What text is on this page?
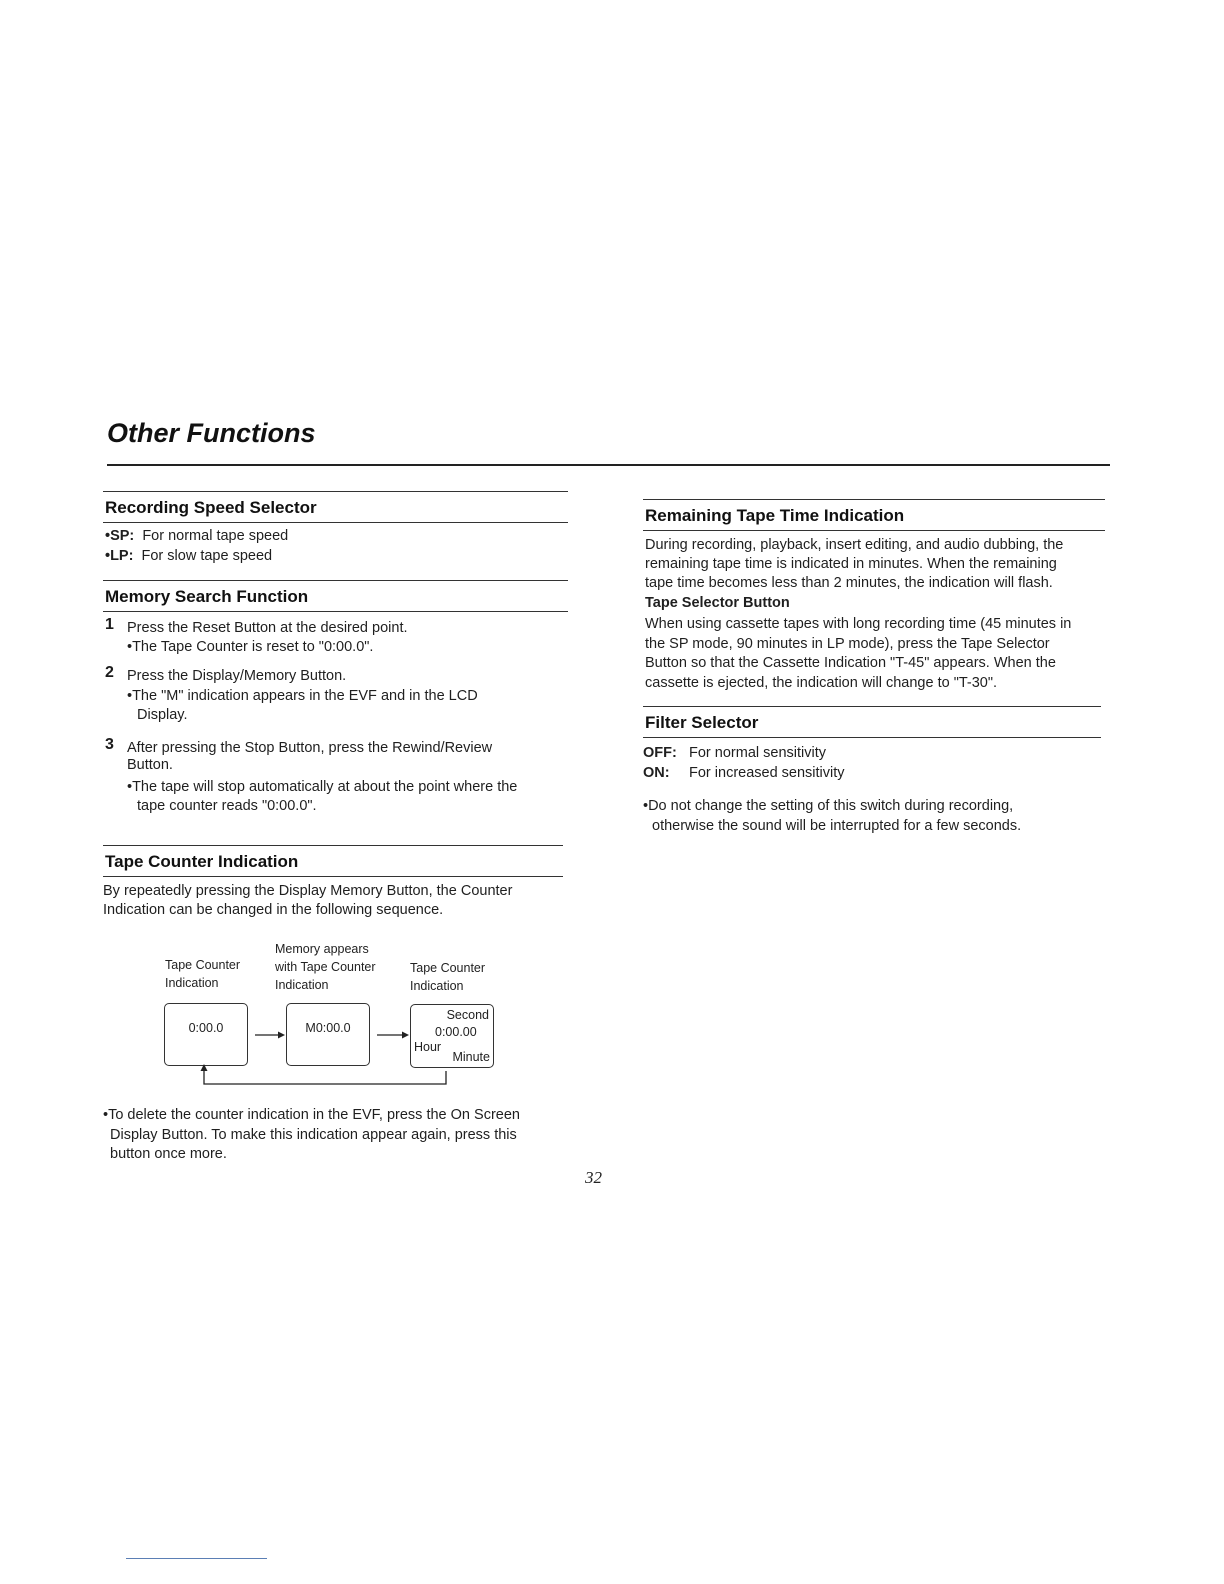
Other Functions
Recording Speed Selector
•SP: For normal tape speed
•LP: For slow tape speed
Memory Search Function
1 Press the Reset Button at the desired point.
•The Tape Counter is reset to "0:00.0".
2 Press the Display/Memory Button.
•The "M" indication appears in the EVF and in the LCD
Display.
3 After pressing the Stop Button, press the Rewind/Review
Button.
•The tape will stop automatically at about the point where the
tape counter reads "0:00.0".
Tape Counter Indication
By repeatedly pressing the Display Memory Button, the Counter
Indication can be changed in the following sequence.
Tape Counter
Indication
Memory appears
with Tape Counter
Indication
Tape Counter
Indication
0:00.0	M0:00.0
Second
0:00.00
Hour
Minute
•To delete the counter indication in the EVF, press the On Screen
Display Button. To make this indication appear again, press this
button once more.
Remaining Tape Time Indication
During recording, playback, insert editing, and audio dubbing, the
remaining tape time is indicated in minutes. When the remaining
tape time becomes less than 2 minutes, the indication will flash.
Tape Selector Button
When using cassette tapes with long recording time (45 minutes in
the SP mode, 90 minutes in LP mode), press the Tape Selector
Button so that the Cassette Indication "T-45" appears. When the
cassette is ejected, the indication will change to "T-30".
Filter Selector
OFF: For normal sensitivity
ON: For increased sensitivity
•Do not change the setting of this switch during recording,
otherwise the sound will be interrupted for a few seconds.
32
